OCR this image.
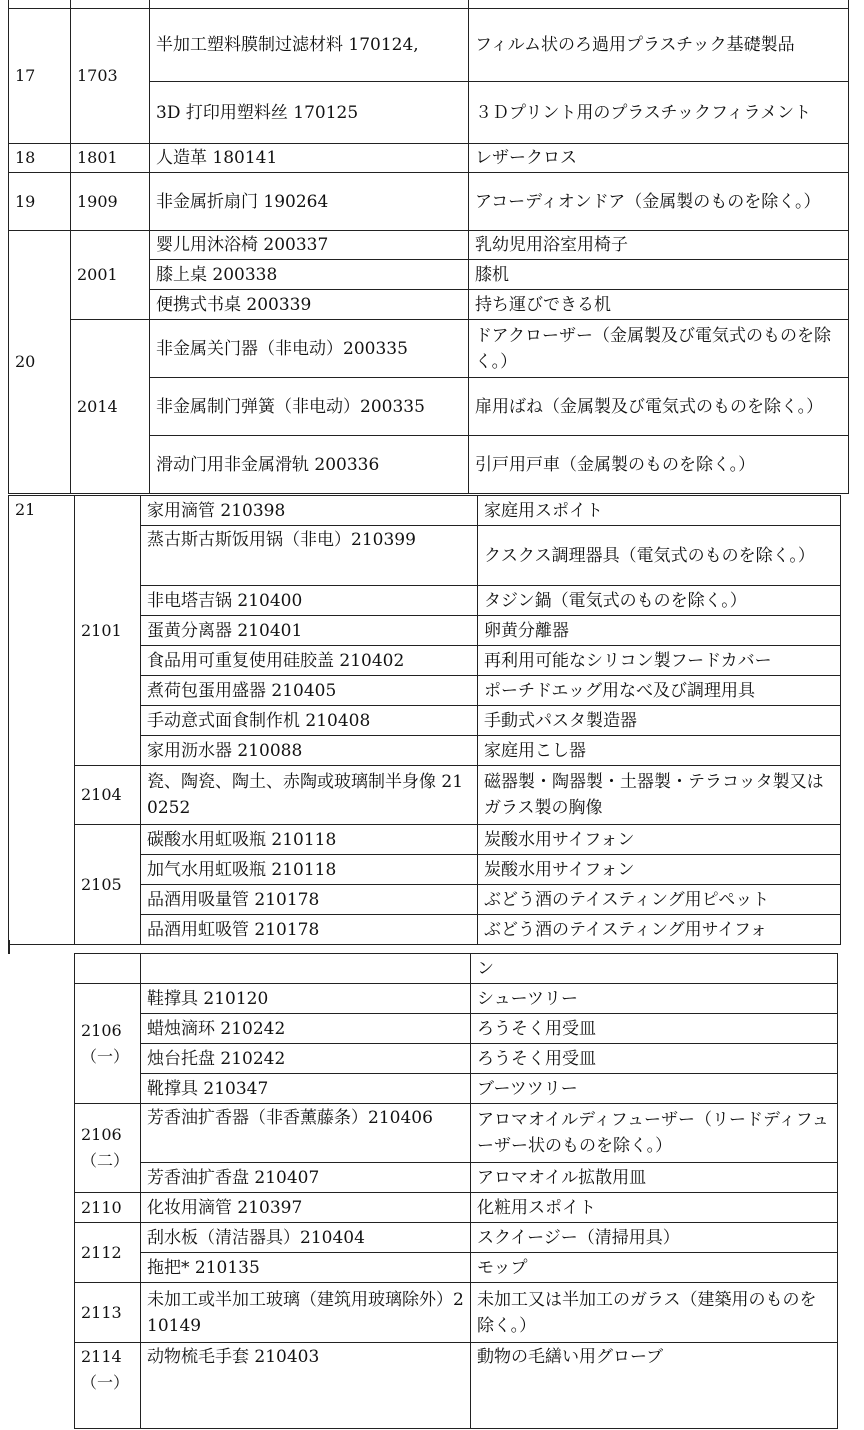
17	1703	半加工塑料膜制过滤材料 170124,	フィルム状のろ過用プラスチック基礎製品
		3D 打印用塑料丝 170125	３Ｄプリント用のプラスチックフィラメント
18	1801	人造革 180141	レザークロス
19	1909	非金属折扇门 190264	アコーディオンドア（金属製のものを除く。）
20	2001	婴儿用沐浴椅 200337	乳幼児用浴室用椅子
		膝上桌 200338	膝机
		便携式书桌 200339	持ち運びできる机
	2014	非金属关门器（非电动）200335	ドアクローザー（金属製及び電気式のものを除く。）
		非金属制门弹簧（非电动）200335	扉用ばね（金属製及び電気式のものを除く。）
		滑动门用非金属滑轨 200336	引戸用戸車（金属製のものを除く。）
21	2101	家用滴管 210398	家庭用スポイト
		蒸古斯古斯饭用锅（非电）210399	クスクス調理器具（電気式のものを除く。）
		非电塔吉锅 210400	タジン鍋（電気式のものを除く。）
		蛋黄分离器 210401	卵黄分離器
		食品用可重复使用硅胶盖 210402	再利用可能なシリコン製フードカバー
		煮荷包蛋用盛器 210405	ポーチドエッグ用なべ及び調理用具
		手动意式面食制作机 210408	手動式パスタ製造器
		家用沥水器 210088	家庭用こし器
	2104	瓷、陶瓷、陶土、赤陶或玻璃制半身像 210252	磁器製・陶器製・土器製・テラコッタ製又はガラス製の胸像
	2105	碳酸水用虹吸瓶 210118	炭酸水用サイフォン
		加气水用虹吸瓶 210118	炭酸水用サイフォン
		品酒用吸量管 210178	ぶどう酒のテイスティング用ピペット
		品酒用虹吸管 210178	ぶどう酒のテイスティング用サイフォ
		ン
2106（一）	鞋撑具 210120	シューツリー
	蜡烛滴环 210242	ろうそく用受皿
	烛台托盘 210242	ろうそく用受皿
	靴撑具 210347	ブーツツリー
2106（二）	芳香油扩香器（非香薰藤条）210406	アロマオイルディフューザー（リードディフューザー状のものを除く。）
	芳香油扩香盘 210407	アロマオイル拡散用皿
2110	化妆用滴管 210397	化粧用スポイト
2112	刮水板（清洁器具）210404	スクイージー（清掃用具）
	拖把* 210135	モップ
2113	未加工或半加工玻璃（建筑用玻璃除外）210149	未加工又は半加工のガラス（建築用のものを除く。）
2114（一）	动物梳毛手套 210403	動物の毛繕い用グローブ
